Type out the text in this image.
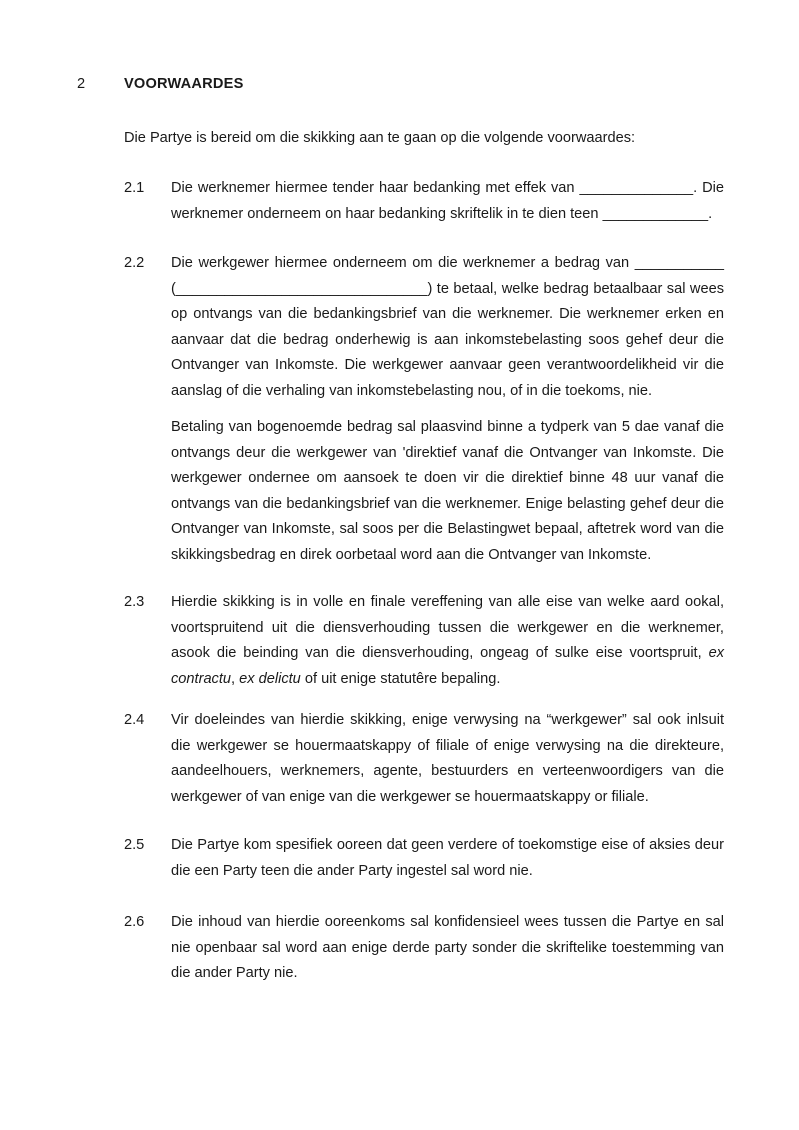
2	VOORWAARDES
Die Partye is bereid om die skikking aan te gaan op die volgende voorwaardes:
2.1 Die werknemer hiermee tender haar bedanking met effek van ______________. Die werknemer onderneem on haar bedanking skriftelik in te dien teen _____________.

2.2 Die werkgewer hiermee onderneem om die werknemer a bedrag van ___________ (_______________________________) te betaal, welke bedrag betaalbaar sal wees op ontvangs van die bedankingsbrief van die werknemer. Die werknemer erken en aanvaar dat die bedrag onderhewig is aan inkomstebelasting soos gehef deur die Ontvanger van Inkomste. Die werkgewer aanvaar geen verantwoordelikheid vir die aanslag of die verhaling van inkomstebelasting nou, of in die toekoms, nie.

Betaling van bogenoemde bedrag sal plaasvind binne a tydperk van 5 dae vanaf die ontvangs deur die werkgewer van 'direktief vanaf die Ontvanger van Inkomste. Die werkgewer ondernee om aansoek te doen vir die direktief binne 48 uur vanaf die ontvangs van die bedankingsbrief van die werknemer. Enige belasting gehef deur die Ontvanger van Inkomste, sal soos per die Belastingwet bepaal, aftetrek word van die skikkingsbedrag en direk oorbetaal word aan die Ontvanger van Inkomste.

2.3 Hierdie skikking is in volle en finale vereffening van alle eise van welke aard ookal, voortspruitend uit die diensverhouding tussen die werkgewer en die werknemer, asook die beinding van die diensverhouding, ongeag of sulke eise voortspruit, ex contractu, ex delictu of uit enige statutêre bepaling.

2.4 Vir doeleindes van hierdie skikking, enige verwysing na “werkgewer” sal ook inlsuit die werkgewer se houermaatskappy of filiale of enige verwysing na die direkteure, aandeelhouers, werknemers, agente, bestuurders en verteenwoordigers van die werkgewer of van enige van die werkgewer se houermaatskappy or filiale.

2.5 Die Partye kom spesifiek ooreen dat geen verdere of toekomstige eise of aksies deur die een Party teen die ander Party ingestel sal word nie.

2.6 Die inhoud van hierdie ooreenkoms sal konfidensieel wees tussen die Partye en sal nie openbaar sal word aan enige derde party sonder die skriftelike toestemming van die ander Party nie.
